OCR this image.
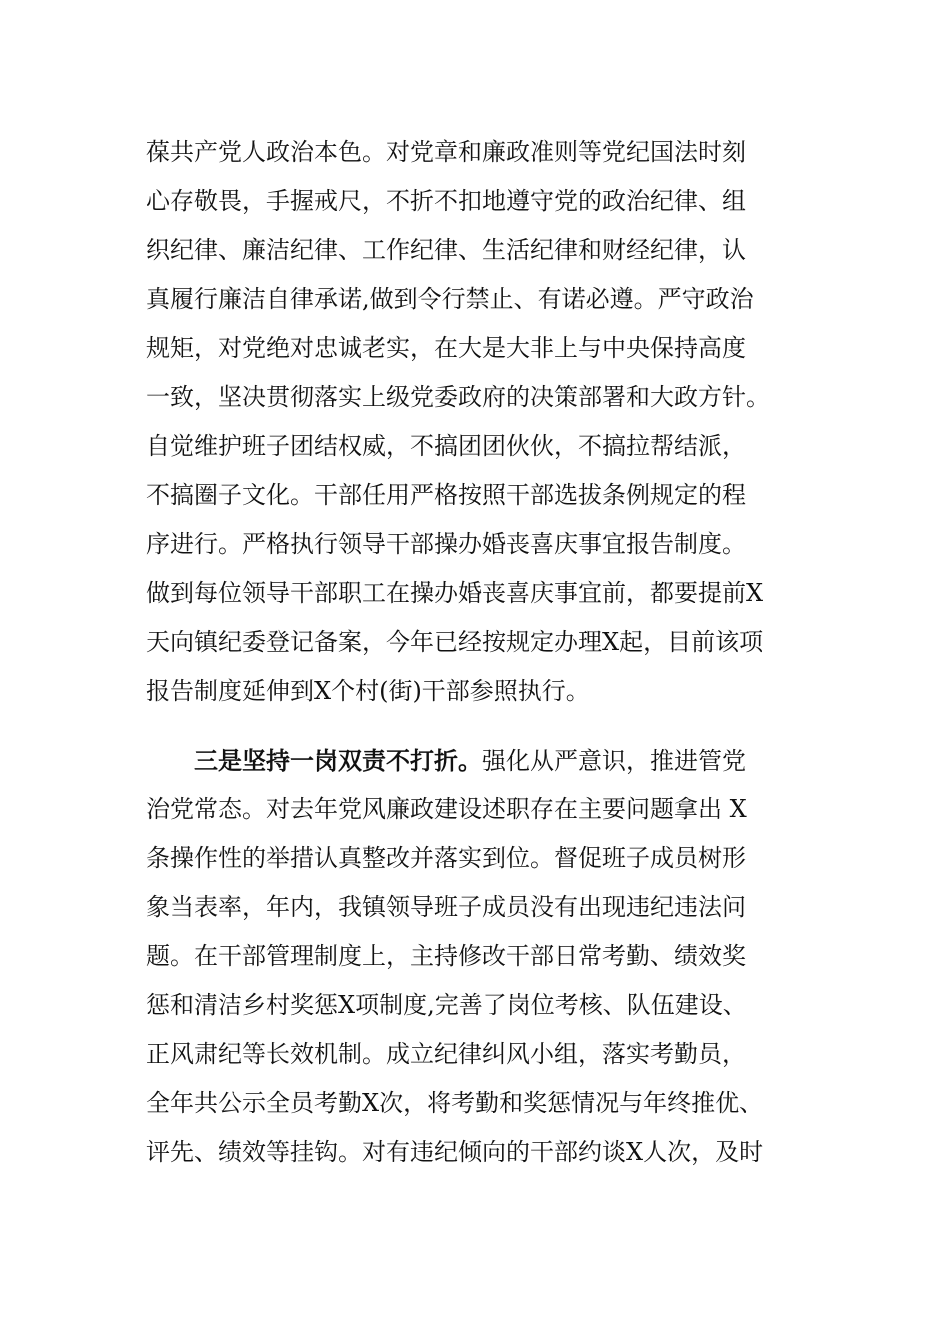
葆共产党人政治本色。对党章和廉政准则等党纪国法时刻
心存敬畏，手握戒尺，不折不扣地遵守党的政治纪律、组
织纪律、廉洁纪律、工作纪律、生活纪律和财经纪律，认
真履行廉洁自律承诺,做到令行禁止、有诺必遵。严守政治
规矩，对党绝对忠诚老实，在大是大非上与中央保持高度
一致，坚决贯彻落实上级党委政府的决策部署和大政方针。
自觉维护班子团结权威，不搞团团伙伙，不搞拉帮结派，
不搞圈子文化。干部任用严格按照干部选拔条例规定的程
序进行。严格执行领导干部操办婚丧喜庆事宜报告制度。
做到每位领导干部职工在操办婚丧喜庆事宜前，都要提前X
天向镇纪委登记备案，今年已经按规定办理X起，目前该项
报告制度延伸到X个村(街)干部参照执行。
三是坚持一岗双责不打折。强化从严意识，推进管党
治党常态。对去年党风廉政建设述职存在主要问题拿出 X
条操作性的举措认真整改并落实到位。督促班子成员树形
象当表率，年内，我镇领导班子成员没有出现违纪违法问
题。在干部管理制度上，主持修改干部日常考勤、绩效奖
惩和清洁乡村奖惩X项制度,完善了岗位考核、队伍建设、
正风肃纪等长效机制。成立纪律纠风小组，落实考勤员，
全年共公示全员考勤X次，将考勤和奖惩情况与年终推优、
评先、绩效等挂钩。对有违纪倾向的干部约谈X人次，及时
